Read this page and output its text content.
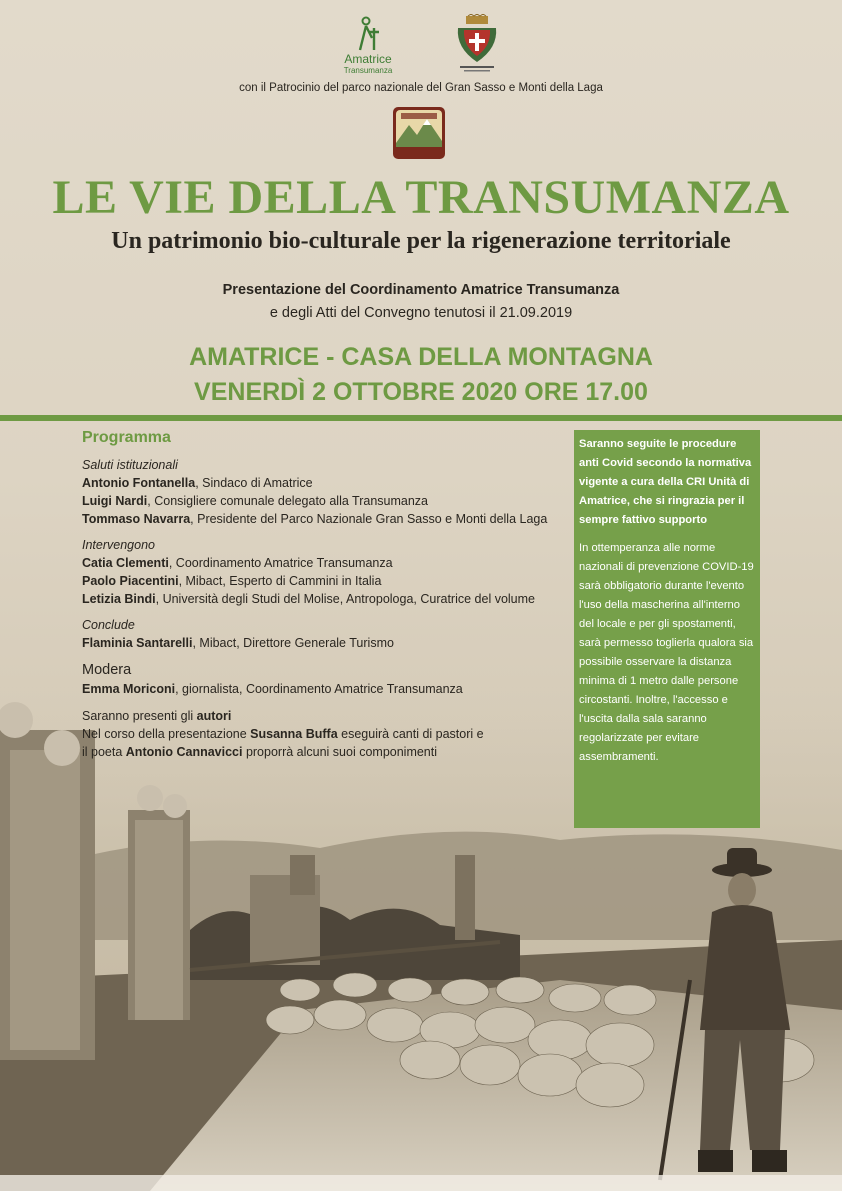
Amatrice
Transumanza
con il Patrocinio del parco nazionale del Gran Sasso e Monti della Laga
LE VIE DELLA TRANSUMANZA
Un patrimonio bio-culturale per la rigenerazione territoriale
Presentazione del Coordinamento Amatrice Transumanza
e degli Atti del Convegno tenutosi il 21.09.2019
AMATRICE - CASA DELLA MONTAGNA
VENERDÌ 2 OTTOBRE 2020 ORE 17.00
Programma
Saluti istituzionali
Antonio Fontanella, Sindaco di Amatrice
Luigi Nardi, Consigliere comunale delegato alla Transumanza
Tommaso Navarra, Presidente del Parco Nazionale Gran Sasso e Monti della Laga
Intervengono
Catia Clementi, Coordinamento Amatrice Transumanza
Paolo Piacentini, Mibact, Esperto di Cammini in Italia
Letizia Bindi, Università degli Studi del Molise, Antropologa, Curatrice del volume
Conclude
Flaminia Santarelli, Mibact, Direttore Generale Turismo
Modera
Emma Moriconi, giornalista, Coordinamento Amatrice Transumanza
Saranno presenti gli autori
Nel corso della presentazione Susanna Buffa eseguirà canti di pastori e
il poeta Antonio Cannavicci proporrà alcuni suoi componimenti
Saranno seguite le procedure anti Covid secondo la normativa vigente a cura della CRI Unità di Amatrice, che si ringrazia per il sempre fattivo supporto
In ottemperanza alle norme nazionali di prevenzione COVID-19 sarà obbligatorio durante l'evento l'uso della mascherina all'interno del locale e per gli spostamenti, sarà permesso toglierla qualora sia possibile osservare la distanza minima di 1 metro dalle persone circostanti. Inoltre, l'accesso e l'uscita dalla sala saranno regolarizzate per evitare assembramenti.
